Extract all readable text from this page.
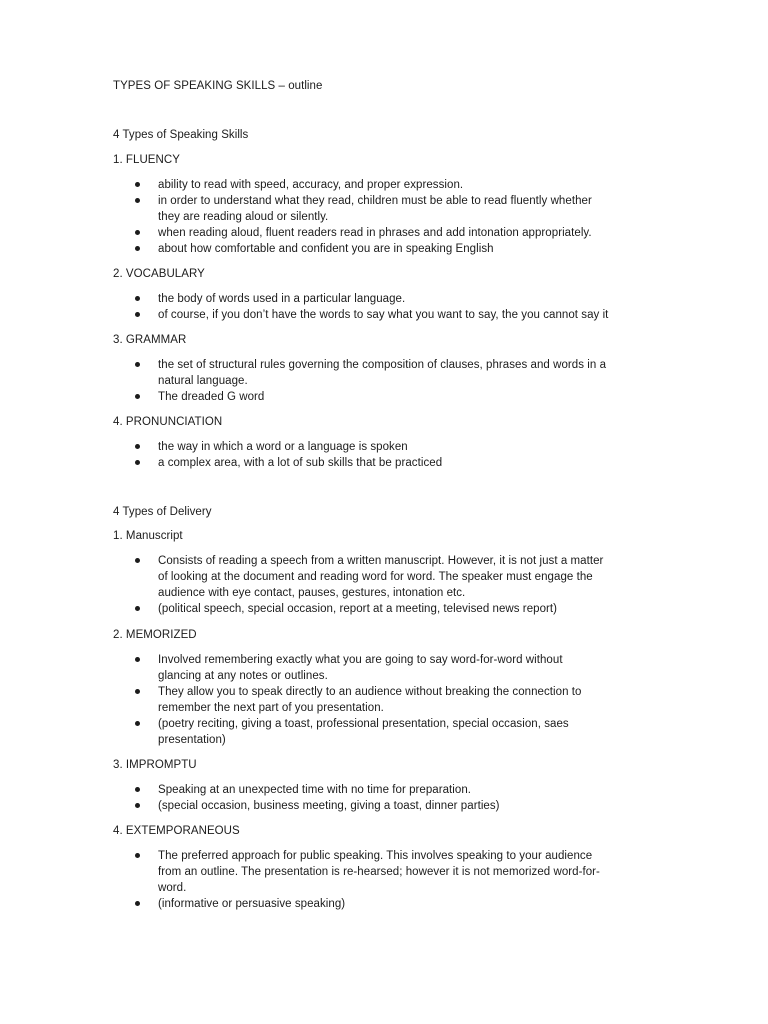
TYPES OF SPEAKING SKILLS – outline
4 Types of Speaking Skills
1. FLUENCY
ability to read with speed, accuracy, and proper expression.
in order to understand what they read, children must be able to read fluently whether
they are reading aloud or silently.
when reading aloud, fluent readers read in phrases and add intonation appropriately.
about how comfortable and confident you are in speaking English
2. VOCABULARY
the body of words used in a particular language.
of course, if you don’t have the words to say what you want to say, the you cannot say it
3. GRAMMAR
the set of structural rules governing the composition of clauses, phrases and words in a
natural language.
The dreaded G word
4. PRONUNCIATION
the way in which a word or a language is spoken
a complex area, with a lot of sub skills that be practiced
4 Types of Delivery
1. Manuscript
Consists of reading a speech from a written manuscript. However, it is not just a matter
of looking at the document and reading word for word. The speaker must engage the
audience with eye contact, pauses, gestures, intonation etc.
(political speech, special occasion, report at a meeting, televised news report)
2. MEMORIZED
Involved remembering exactly what you are going to say word-for-word without
glancing at any notes or outlines.
They allow you to speak directly to an audience without breaking the connection to
remember the next part of you presentation.
(poetry reciting, giving a toast, professional presentation, special occasion, saes
presentation)
3. IMPROMPTU
Speaking at an unexpected time with no time for preparation.
(special occasion, business meeting, giving a toast, dinner parties)
4. EXTEMPORANEOUS
The preferred approach for public speaking. This involves speaking to your audience
from an outline. The presentation is re-hearsed; however it is not memorized word-for-
word.
(informative or persuasive speaking)
